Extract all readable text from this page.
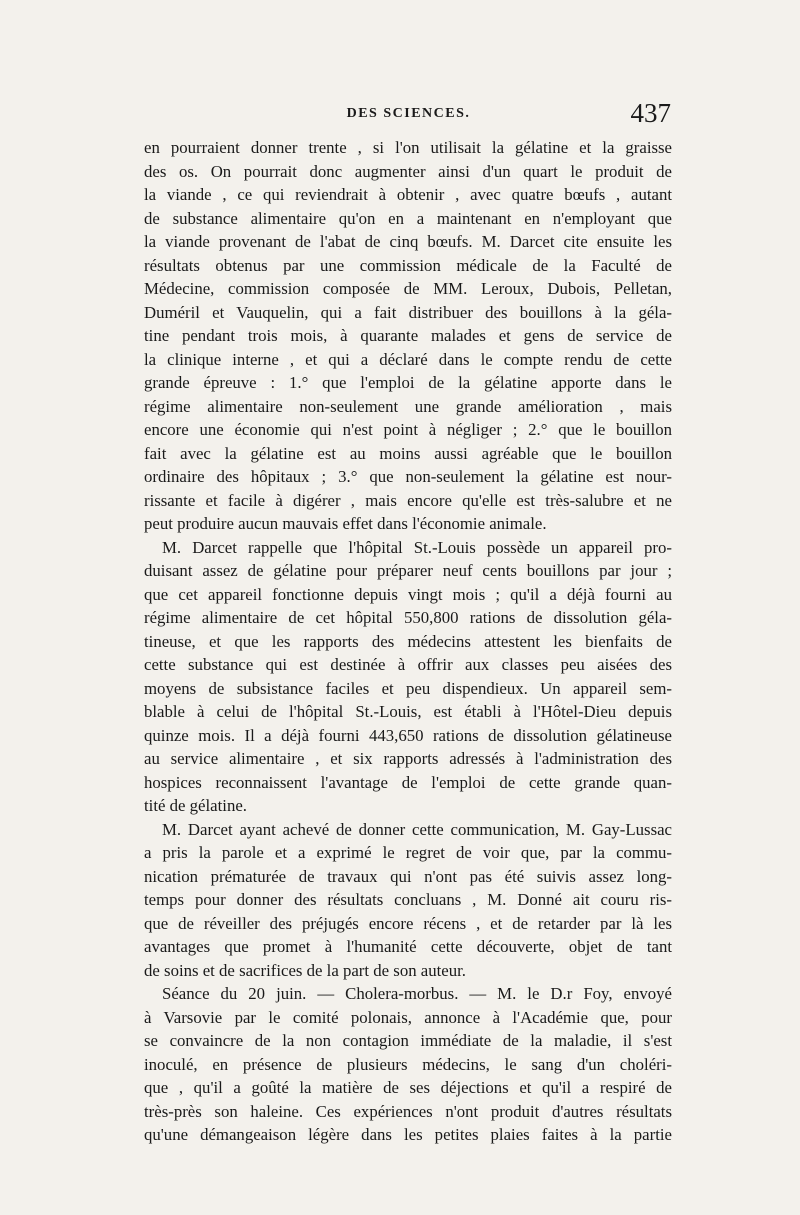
DES SCIENCES.	437
en pourraient donner trente , si l'on utilisait la gélatine et la graisse
des os. On pourrait donc augmenter ainsi d'un quart le produit de
la viande , ce qui reviendrait à obtenir , avec quatre bœufs , autant
de substance alimentaire qu'on en a maintenant en n'employant que
la viande provenant de l'abat de cinq bœufs. M. Darcet cite ensuite les
résultats obtenus par une commission médicale de la Faculté de
Médecine, commission composée de MM. Leroux, Dubois, Pelletan,
Duméril et Vauquelin, qui a fait distribuer des bouillons à la géla-
tine pendant trois mois, à quarante malades et gens de service de
la clinique interne , et qui a déclaré dans le compte rendu de cette
grande épreuve : 1.° que l'emploi de la gélatine apporte dans le
régime alimentaire non-seulement une grande amélioration , mais
encore une économie qui n'est point à négliger ; 2.° que le bouillon
fait avec la gélatine est au moins aussi agréable que le bouillon
ordinaire des hôpitaux ; 3.° que non-seulement la gélatine est nour-
rissante et facile à digérer , mais encore qu'elle est très-salubre et ne
peut produire aucun mauvais effet dans l'économie animale.
M. Darcet rappelle que l'hôpital St.-Louis possède un appareil pro-
duisant assez de gélatine pour préparer neuf cents bouillons par jour ;
que cet appareil fonctionne depuis vingt mois ; qu'il a déjà fourni au
régime alimentaire de cet hôpital 550,800 rations de dissolution géla-
tineuse, et que les rapports des médecins attestent les bienfaits de
cette substance qui est destinée à offrir aux classes peu aisées des
moyens de subsistance faciles et peu dispendieux. Un appareil sem-
blable à celui de l'hôpital St.-Louis, est établi à l'Hôtel-Dieu depuis
quinze mois. Il a déjà fourni 443,650 rations de dissolution gélatineuse
au service alimentaire , et six rapports adressés à l'administration des
hospices reconnaissent l'avantage de l'emploi de cette grande quan-
tité de gélatine.
M. Darcet ayant achevé de donner cette communication, M. Gay-Lussac
a pris la parole et a exprimé le regret de voir que, par la commu-
nication prématurée de travaux qui n'ont pas été suivis assez long-
temps pour donner des résultats concluans , M. Donné ait couru ris-
que de réveiller des préjugés encore récens , et de retarder par là les
avantages que promet à l'humanité cette découverte, objet de tant
de soins et de sacrifices de la part de son auteur.
Séance du 20 juin. — Cholera-morbus. — M. le D.r Foy, envoyé
à Varsovie par le comité polonais, annonce à l'Académie que, pour
se convaincre de la non contagion immédiate de la maladie, il s'est
inoculé, en présence de plusieurs médecins, le sang d'un choléri-
que , qu'il a goûté la matière de ses déjections et qu'il a respiré de
très-près son haleine. Ces expériences n'ont produit d'autres résultats
qu'une démangeaison légère dans les petites plaies faites à la partie
